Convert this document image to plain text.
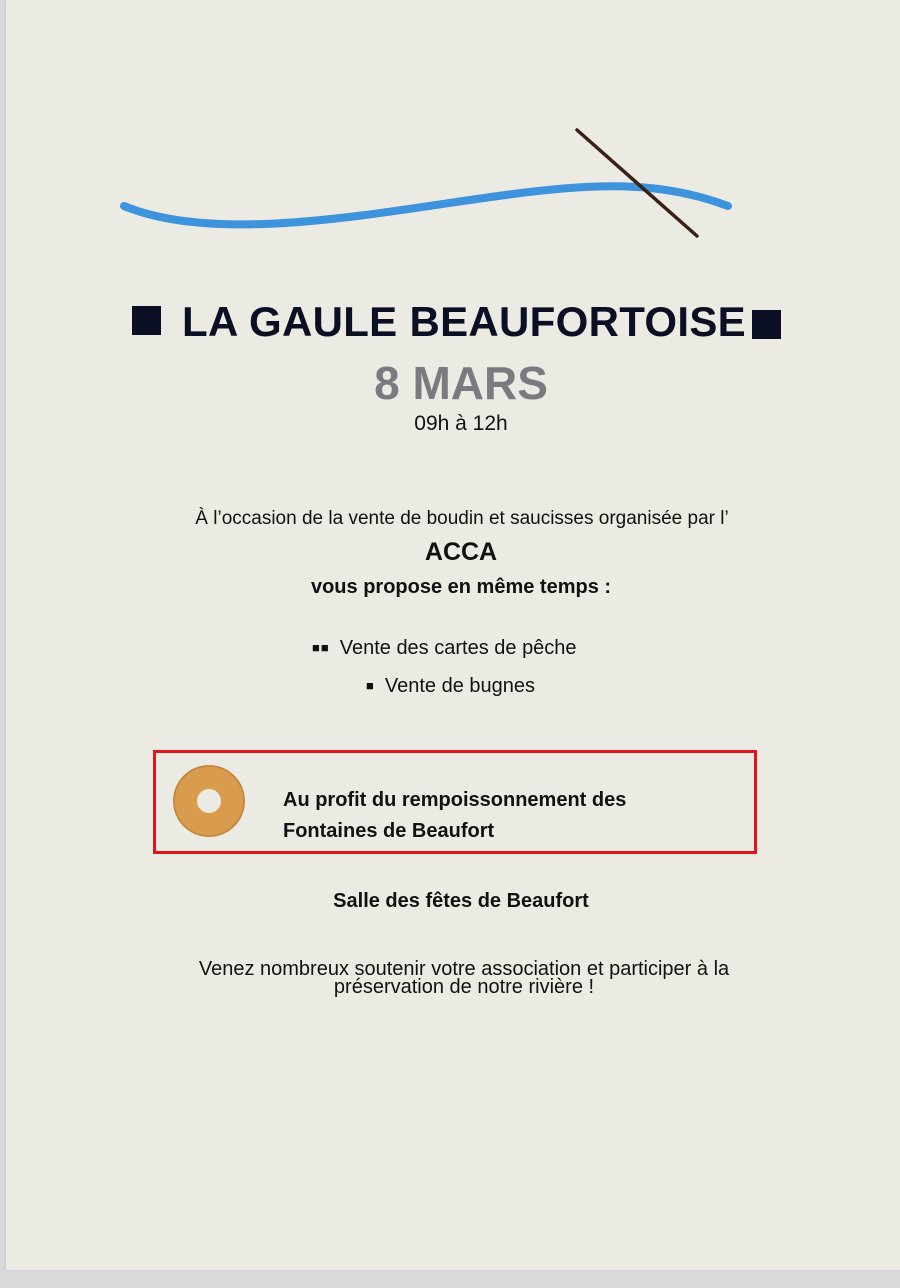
LA GAULE BEAUFORTOISE
8 MARS
09h à 12h
À l’occasion de la vente de boudin et saucisses organisée par l’
ACCA
vous propose en même temps :
■■ Vente des cartes de pêche
■ Vente de bugnes
Au profit du rempoissonnement des
Fontaines de Beaufort
Salle des fêtes de Beaufort
Venez nombreux soutenir votre association et participer à la
préservation de notre rivière !
